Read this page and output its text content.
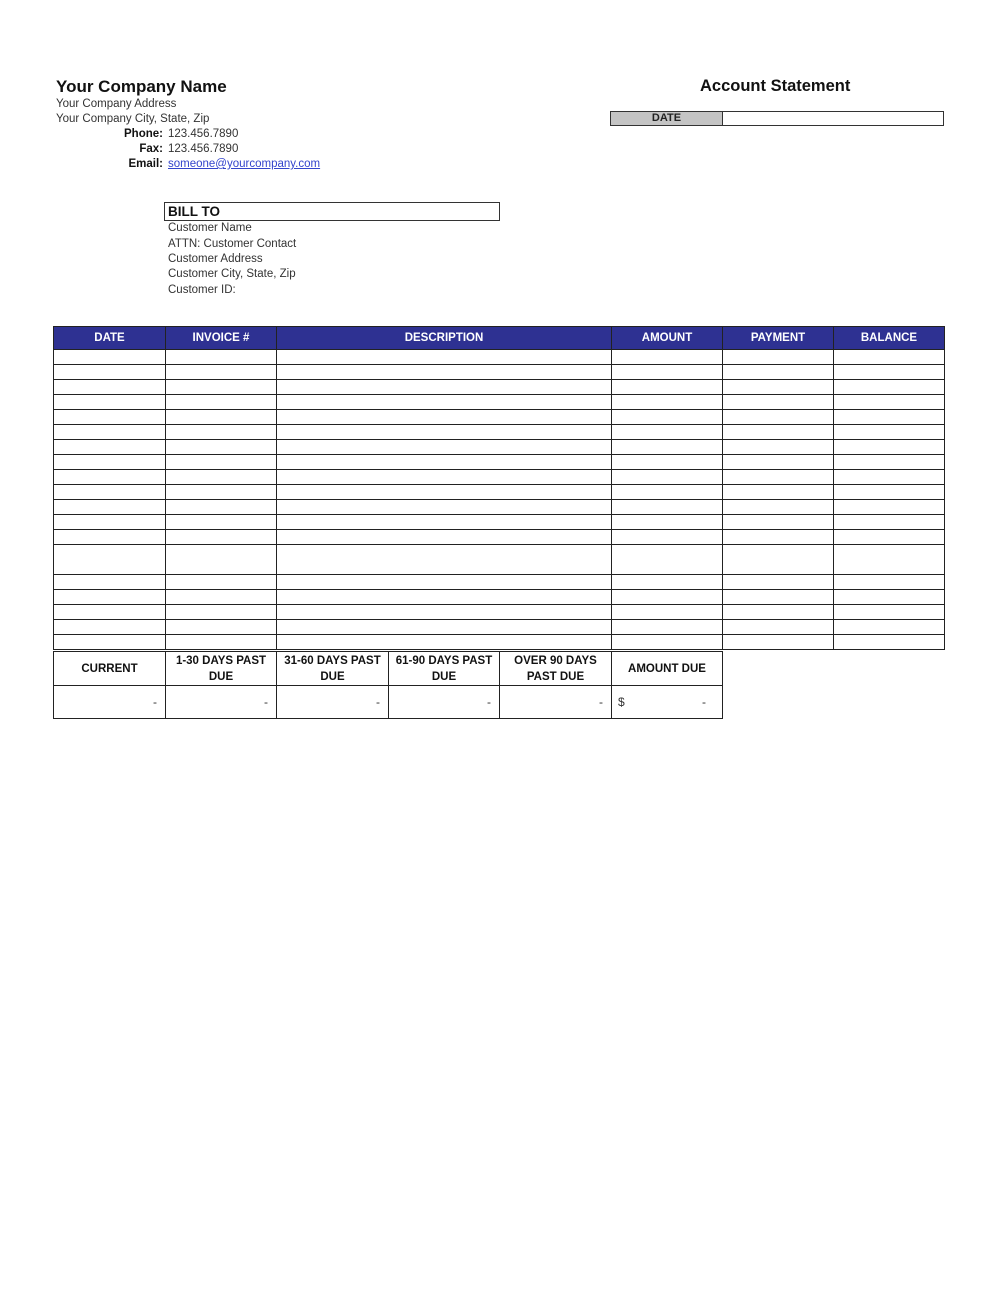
Your Company Name
Your Company Address
Your Company City, State, Zip
Phone: 123.456.7890
Fax: 123.456.7890
Email: someone@yourcompany.com
Account Statement
DATE
BILL TO
Customer Name
ATTN: Customer Contact
Customer Address
Customer City, State, Zip
Customer ID:
DATE	INVOICE #	DESCRIPTION	AMOUNT	PAYMENT	BALANCE

CURRENT	1-30 DAYS PAST DUE	31-60 DAYS PAST DUE	61-90 DAYS PAST DUE	OVER 90 DAYS PAST DUE	AMOUNT DUE
-	-	-	-	-	$ -
